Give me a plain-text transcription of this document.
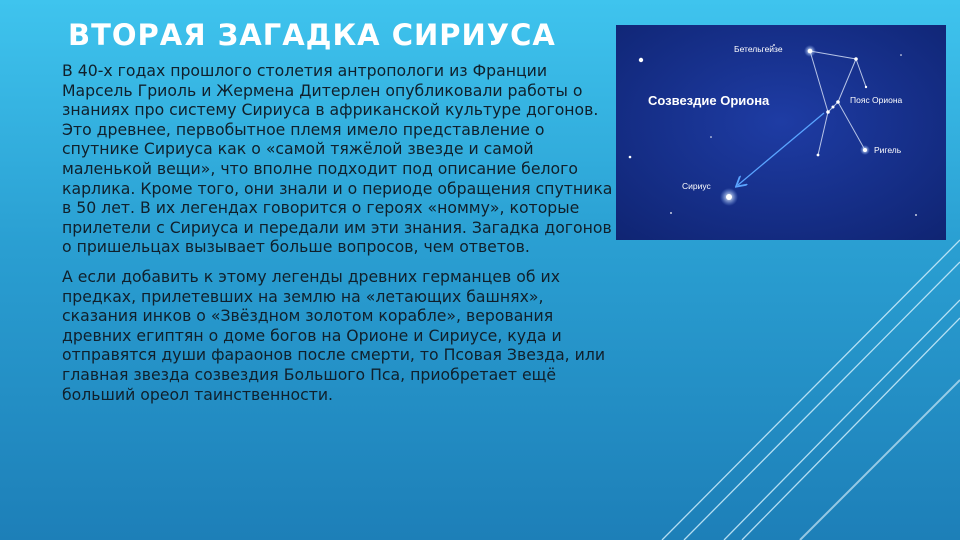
ВТОРАЯ ЗАГАДКА СИРИУСА

В 40-х годах прошлого столетия антропологи из Франции Марсель Гриоль и Жермена Дитерлен опубликовали работы о знаниях про систему Сириуса в африканской культуре догонов. Это древнее, первобытное племя имело представление о спутнике Сириуса как о «самой тяжёлой звезде и самой маленькой вещи», что вполне подходит под описание белого карлика. Кроме того, они знали и о периоде обращения спутника в 50 лет. В их легендах говорится о героях «номму», которые прилетели с Сириуса и передали им эти знания. Загадка догонов о пришельцах вызывает больше вопросов, чем ответов.

А если добавить к этому легенды древних германцев об их предках, прилетевших на землю на «летающих башнях», сказания инков о «Звёздном золотом корабле», верования древних египтян о доме богов на Орионе и Сириусе, куда и отправятся души фараонов после смерти, то Псовая Звезда, или главная звезда созвездия Большого Пса, приобретает ещё больший ореол таинственности.

Созвездие Ориона
Бетельгейзе
Пояс Ориона
Ригель
Сириус
